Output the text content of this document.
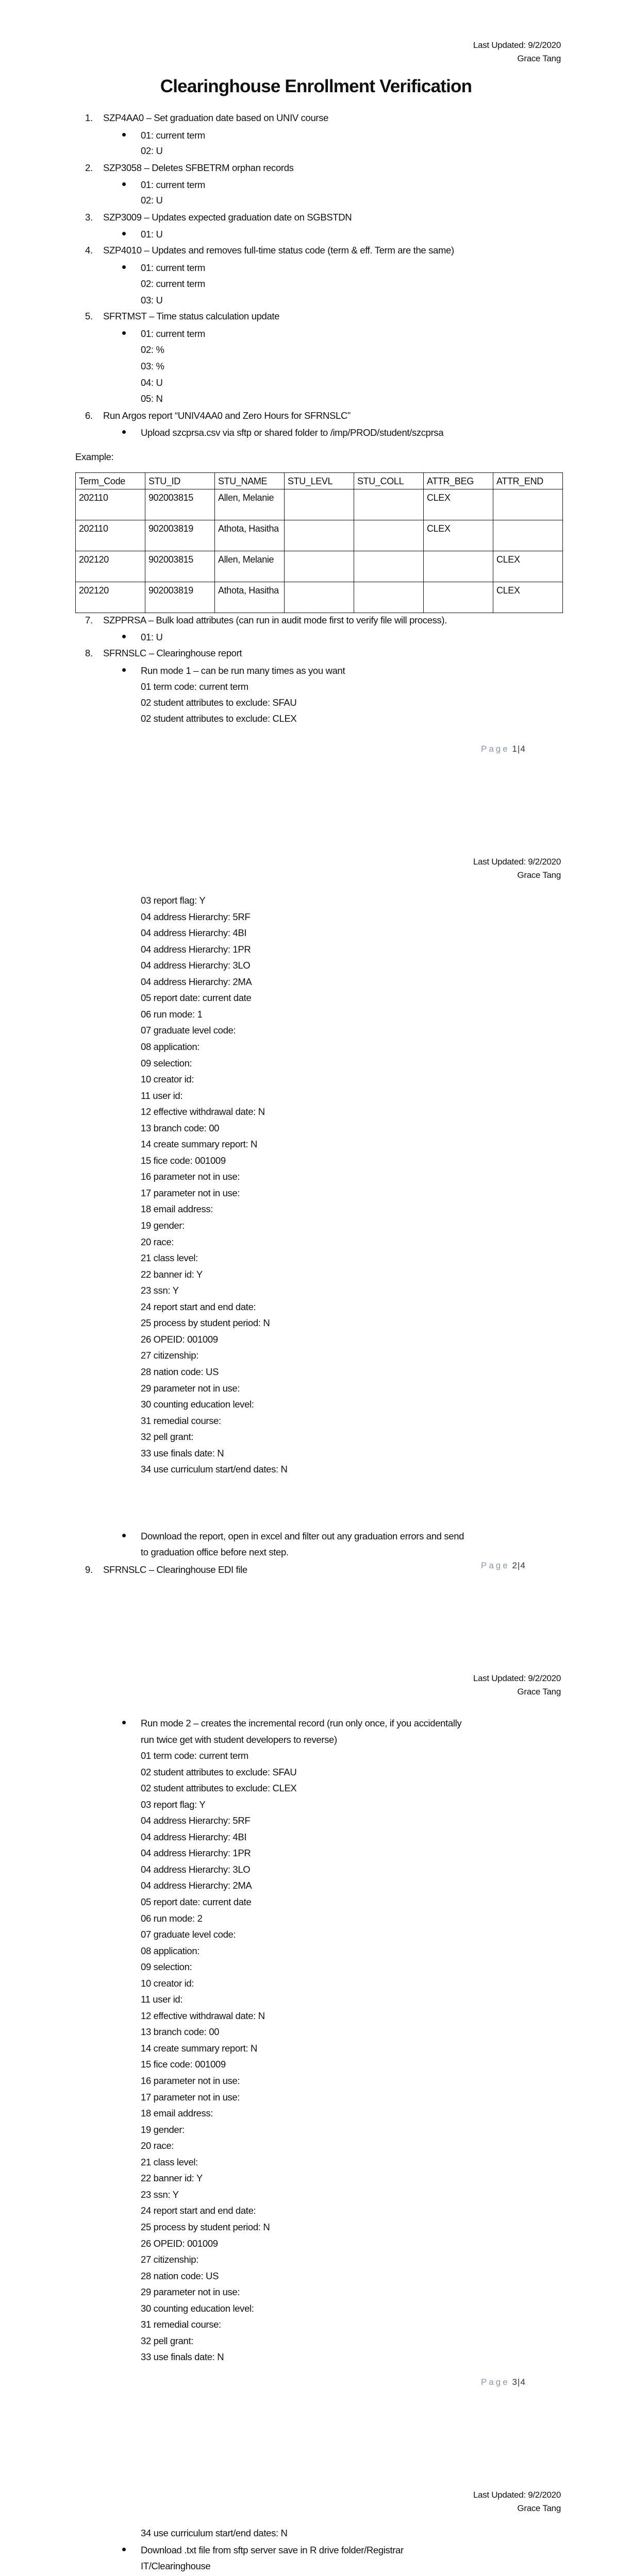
Last Updated: 9/2/2020
Grace Tang
Clearinghouse Enrollment Verification
1. SZP4AA0 – Set graduation date based on UNIV course
01: current term
02: U
2. SZP3058 – Deletes SFBETRM orphan records
01: current term
02: U
3. SZP3009 – Updates expected graduation date on SGBSTDN
01: U
4. SZP4010 – Updates and removes full-time status code (term & eff. Term are the same)
01: current term
02: current term
03: U
5. SFRTMST – Time status calculation update
01: current term
02: %
03: %
04: U
05: N
6. Run Argos report “UNIV4AA0 and Zero Hours for SFRNSLC”
Upload szcprsa.csv via sftp or shared folder to /imp/PROD/student/szcprsa
Example:
Term_Code	STU_ID	STU_NAME	STU_LEVL	STU_COLL	ATTR_BEG	ATTR_END
202110	902003815	Allen, Melanie			CLEX	
202110	902003819	Athota, Hasitha			CLEX	
202120	902003815	Allen, Melanie				CLEX
202120	902003819	Athota, Hasitha				CLEX
7. SZPPRSA – Bulk load attributes (can run in audit mode first to verify file will process).
01: U
8. SFRNSLC – Clearinghouse report
Run mode 1 – can be run many times as you want
01 term code: current term
02 student attributes to exclude: SFAU
02 student attributes to exclude: CLEX
Page 1|4
Last Updated: 9/2/2020
Grace Tang
03 report flag: Y
04 address Hierarchy: 5RF
04 address Hierarchy: 4BI
04 address Hierarchy: 1PR
04 address Hierarchy: 3LO
04 address Hierarchy: 2MA
05 report date: current date
06 run mode: 1
07 graduate level code:
08 application:
09 selection:
10 creator id:
11 user id:
12 effective withdrawal date: N
13 branch code: 00
14 create summary report: N
15 fice code: 001009
16 parameter not in use:
17 parameter not in use:
18 email address:
19 gender:
20 race:
21 class level:
22 banner id: Y
23 ssn: Y
24 report start and end date:
25 process by student period: N
26 OPEID: 001009
27 citizenship:
28 nation code: US
29 parameter not in use:
30 counting education level:
31 remedial course:
32 pell grant:
33 use finals date: N
34 use curriculum start/end dates: N
Download the report, open in excel and filter out any graduation errors and send
to graduation office before next step.
9. SFRNSLC – Clearinghouse EDI file	Page 2|4
Last Updated: 9/2/2020
Grace Tang
Run mode 2 – creates the incremental record (run only once, if you accidentally
run twice get with student developers to reverse)
01 term code: current term
02 student attributes to exclude: SFAU
02 student attributes to exclude: CLEX
03 report flag: Y
04 address Hierarchy: 5RF
04 address Hierarchy: 4BI
04 address Hierarchy: 1PR
04 address Hierarchy: 3LO
04 address Hierarchy: 2MA
05 report date: current date
06 run mode: 2
07 graduate level code:
08 application:
09 selection:
10 creator id:
11 user id:
12 effective withdrawal date: N
13 branch code: 00
14 create summary report: N
15 fice code: 001009
16 parameter not in use:
17 parameter not in use:
18 email address:
19 gender:
20 race:
21 class level:
22 banner id: Y
23 ssn: Y
24 report start and end date:
25 process by student period: N
26 OPEID: 001009
27 citizenship:
28 nation code: US
29 parameter not in use:
30 counting education level:
31 remedial course:
32 pell grant:
33 use finals date: N
Page 3|4
Last Updated: 9/2/2020
Grace Tang
34 use curriculum start/end dates: N
Download .txt file from sftp server save in R drive folder/Registrar
IT/Clearinghouse
